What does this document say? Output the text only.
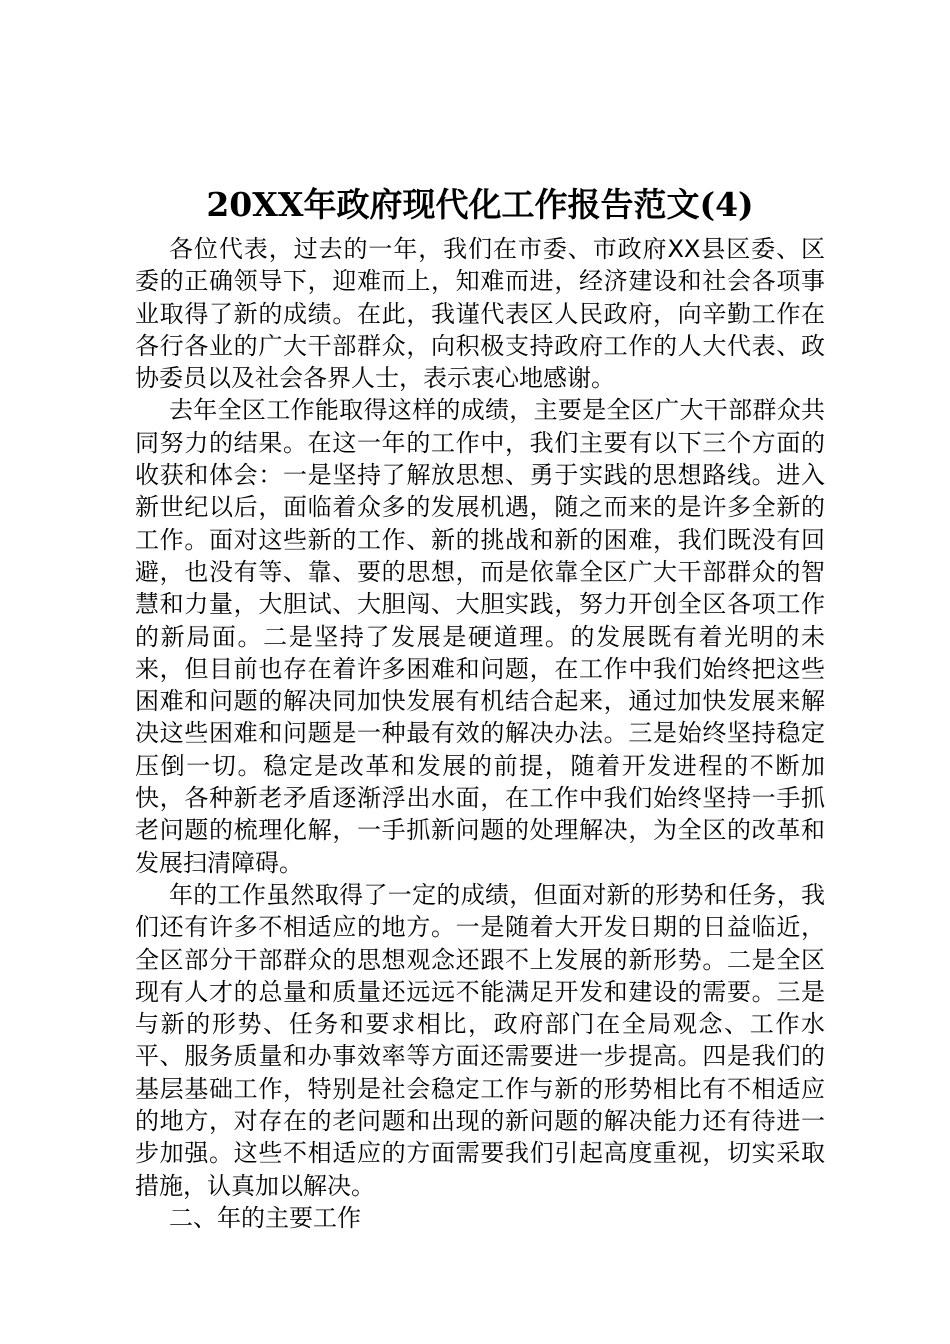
20XX年政府现代化工作报告范文(4)

各位代表，过去的一年，我们在市委、市政府XX县区委、区委的正确领导下，迎难而上，知难而进，经济建设和社会各项事业取得了新的成绩。在此，我谨代表区人民政府，向辛勤工作在各行各业的广大干部群众，向积极支持政府工作的人大代表、政协委员以及社会各界人士，表示衷心地感谢。

去年全区工作能取得这样的成绩，主要是全区广大干部群众共同努力的结果。在这一年的工作中，我们主要有以下三个方面的收获和体会：一是坚持了解放思想、勇于实践的思想路线。进入新世纪以后，面临着众多的发展机遇，随之而来的是许多全新的工作。面对这些新的工作、新的挑战和新的困难，我们既没有回避，也没有等、靠、要的思想，而是依靠全区广大干部群众的智慧和力量，大胆试、大胆闯、大胆实践，努力开创全区各项工作的新局面。二是坚持了发展是硬道理。的发展既有着光明的未来，但目前也存在着许多困难和问题，在工作中我们始终把这些困难和问题的解决同加快发展有机结合起来，通过加快发展来解决这些困难和问题是一种最有效的解决办法。三是始终坚持稳定压倒一切。稳定是改革和发展的前提，随着开发进程的不断加快，各种新老矛盾逐渐浮出水面，在工作中我们始终坚持一手抓老问题的梳理化解，一手抓新问题的处理解决，为全区的改革和发展扫清障碍。

年的工作虽然取得了一定的成绩，但面对新的形势和任务，我们还有许多不相适应的地方。一是随着大开发日期的日益临近，全区部分干部群众的思想观念还跟不上发展的新形势。二是全区现有人才的总量和质量还远远不能满足开发和建设的需要。三是与新的形势、任务和要求相比，政府部门在全局观念、工作水平、服务质量和办事效率等方面还需要进一步提高。四是我们的基层基础工作，特别是社会稳定工作与新的形势相比有不相适应的地方，对存在的老问题和出现的新问题的解决能力还有待进一步加强。这些不相适应的方面需要我们引起高度重视，切实采取措施，认真加以解决。

二、年的主要工作
